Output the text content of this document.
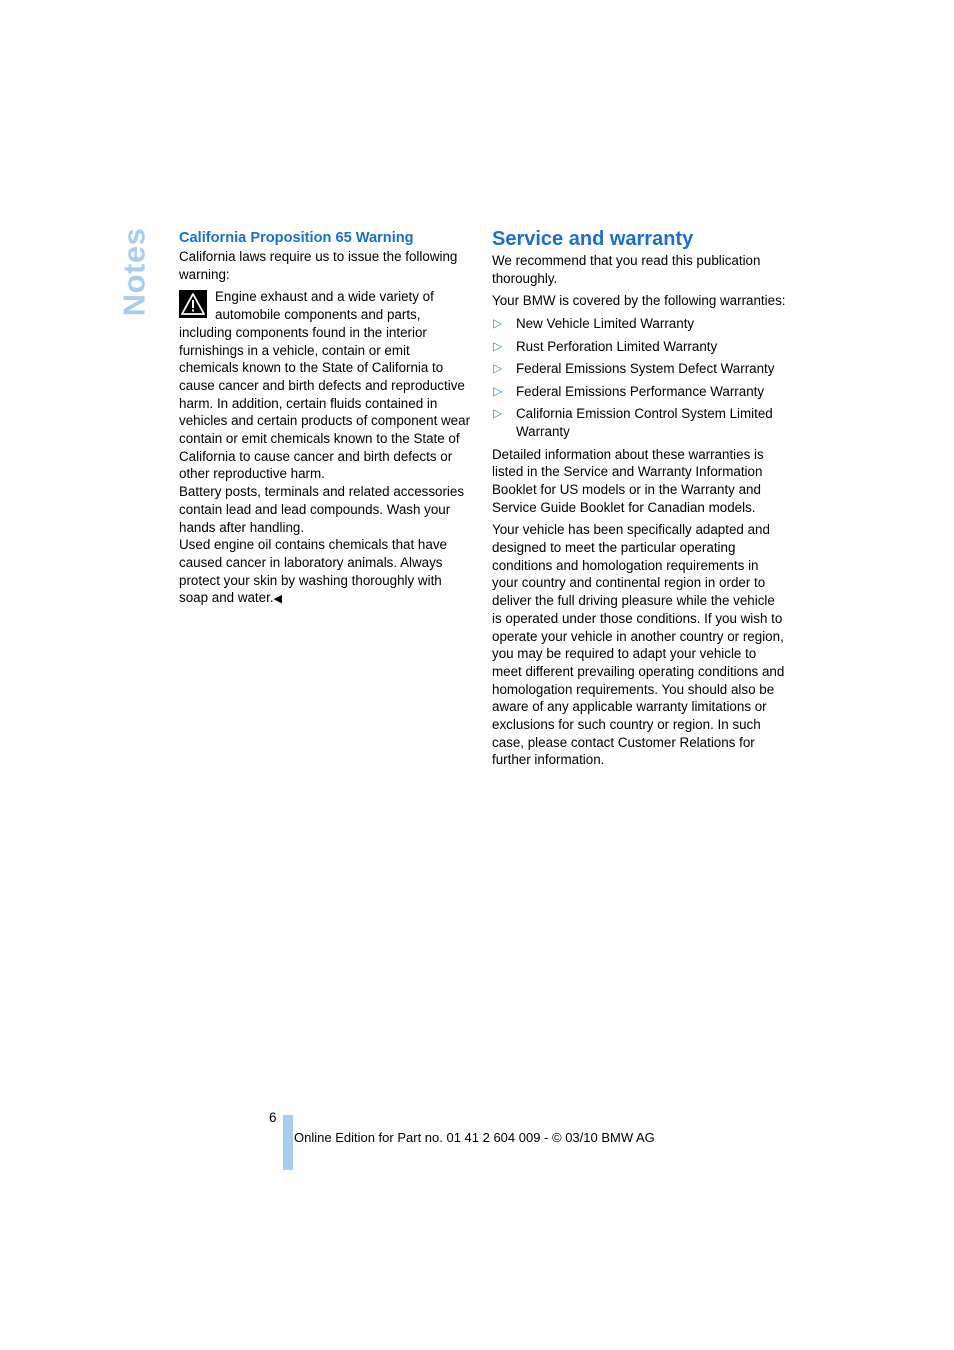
Notes California Proposition 65 Warning

California laws require us to issue the following warning:

Engine exhaust and a wide variety of automobile components and parts, including components found in the interior furnishings in a vehicle, contain or emit chemicals known to the State of California to cause cancer and birth defects and reproductive harm. In addition, certain fluids contained in vehicles and certain products of component wear contain or emit chemicals known to the State of California to cause cancer and birth defects or other reproductive harm.

Battery posts, terminals and related accessories contain lead and lead compounds. Wash your hands after handling.

Used engine oil contains chemicals that have caused cancer in laboratory animals. Always protect your skin by washing thoroughly with soap and water.◀

Service and warranty

We recommend that you read this publication thoroughly.

Your BMW is covered by the following warranties:

▷ New Vehicle Limited Warranty
▷ Rust Perforation Limited Warranty
▷ Federal Emissions System Defect Warranty
▷ Federal Emissions Performance Warranty
▷ California Emission Control System Limited Warranty

Detailed information about these warranties is listed in the Service and Warranty Information Booklet for US models or in the Warranty and Service Guide Booklet for Canadian models.

Your vehicle has been specifically adapted and designed to meet the particular operating conditions and homologation requirements in your country and continental region in order to deliver the full driving pleasure while the vehicle is operated under those conditions. If you wish to operate your vehicle in another country or region, you may be required to adapt your vehicle to meet different prevailing operating conditions and homologation requirements. You should also be aware of any applicable warranty limitations or exclusions for such country or region. In such case, please contact Customer Relations for further information.

6
Online Edition for Part no. 01 41 2 604 009 - © 03/10 BMW AG
